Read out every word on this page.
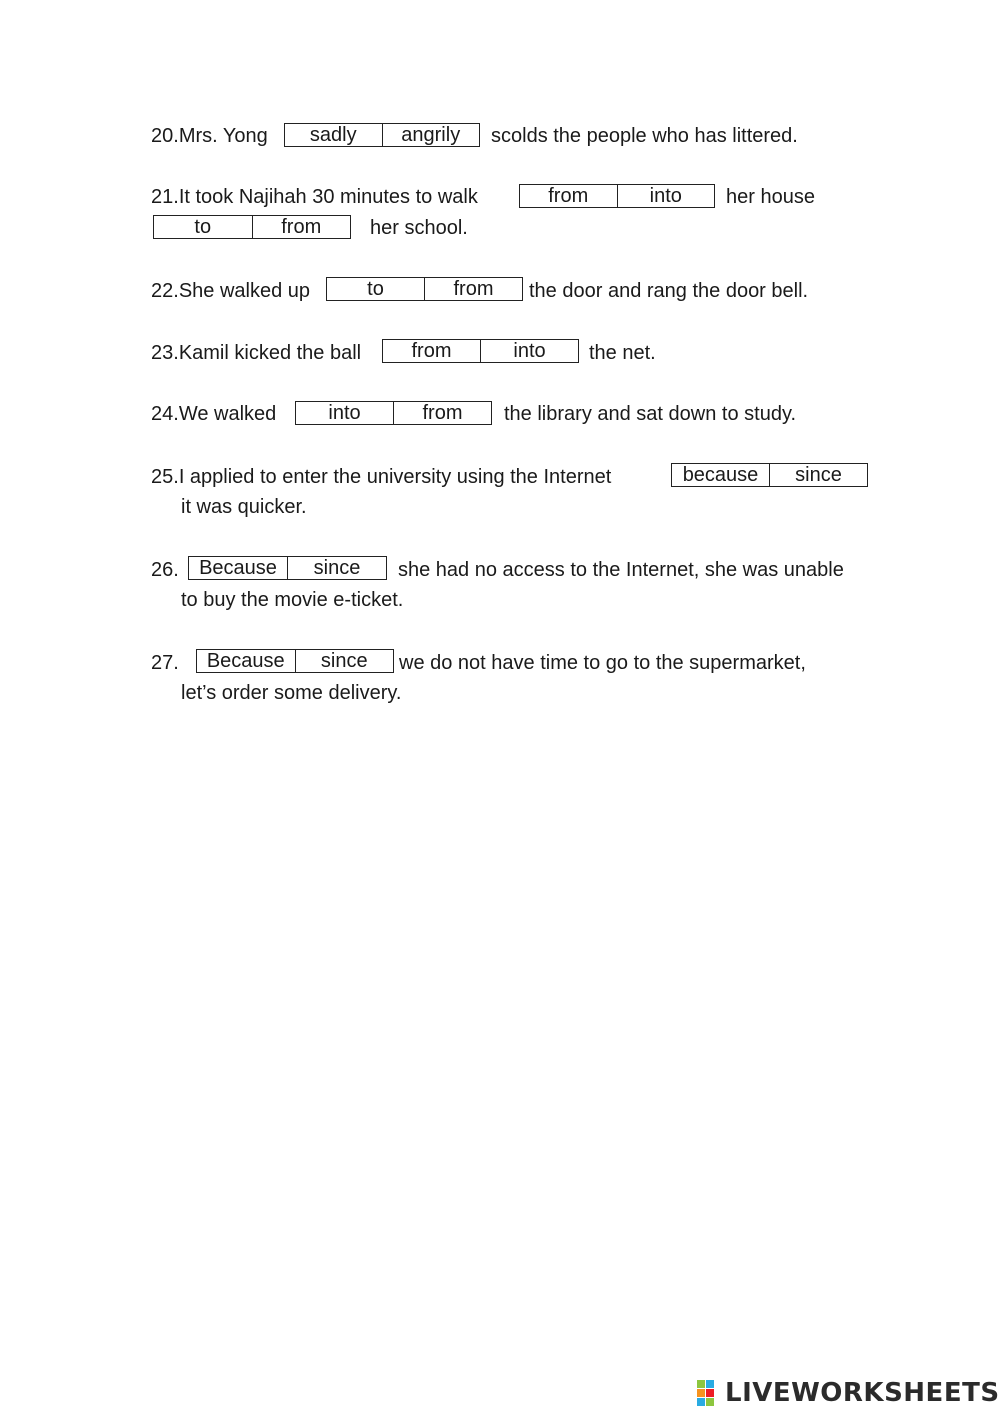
20.Mrs. Yong	sadly	angrily	scolds the people who has littered.
21.It took Najihah 30 minutes to walk	from	into	her house
to	from	her school.
22.She walked up	to	from	the door and rang the door bell.
23.Kamil kicked the ball	from	into	the net.
24.We walked	into	from	the library and sat down to study.
25.I applied to enter the university using the Internet	because	since
it was quicker.
26.	Because	since	she had no access to the Internet, she was unable
to buy the movie e-ticket.
27.	Because	since	we do not have time to go to the supermarket,
let’s order some delivery.
LIVEWORKSHEETS
